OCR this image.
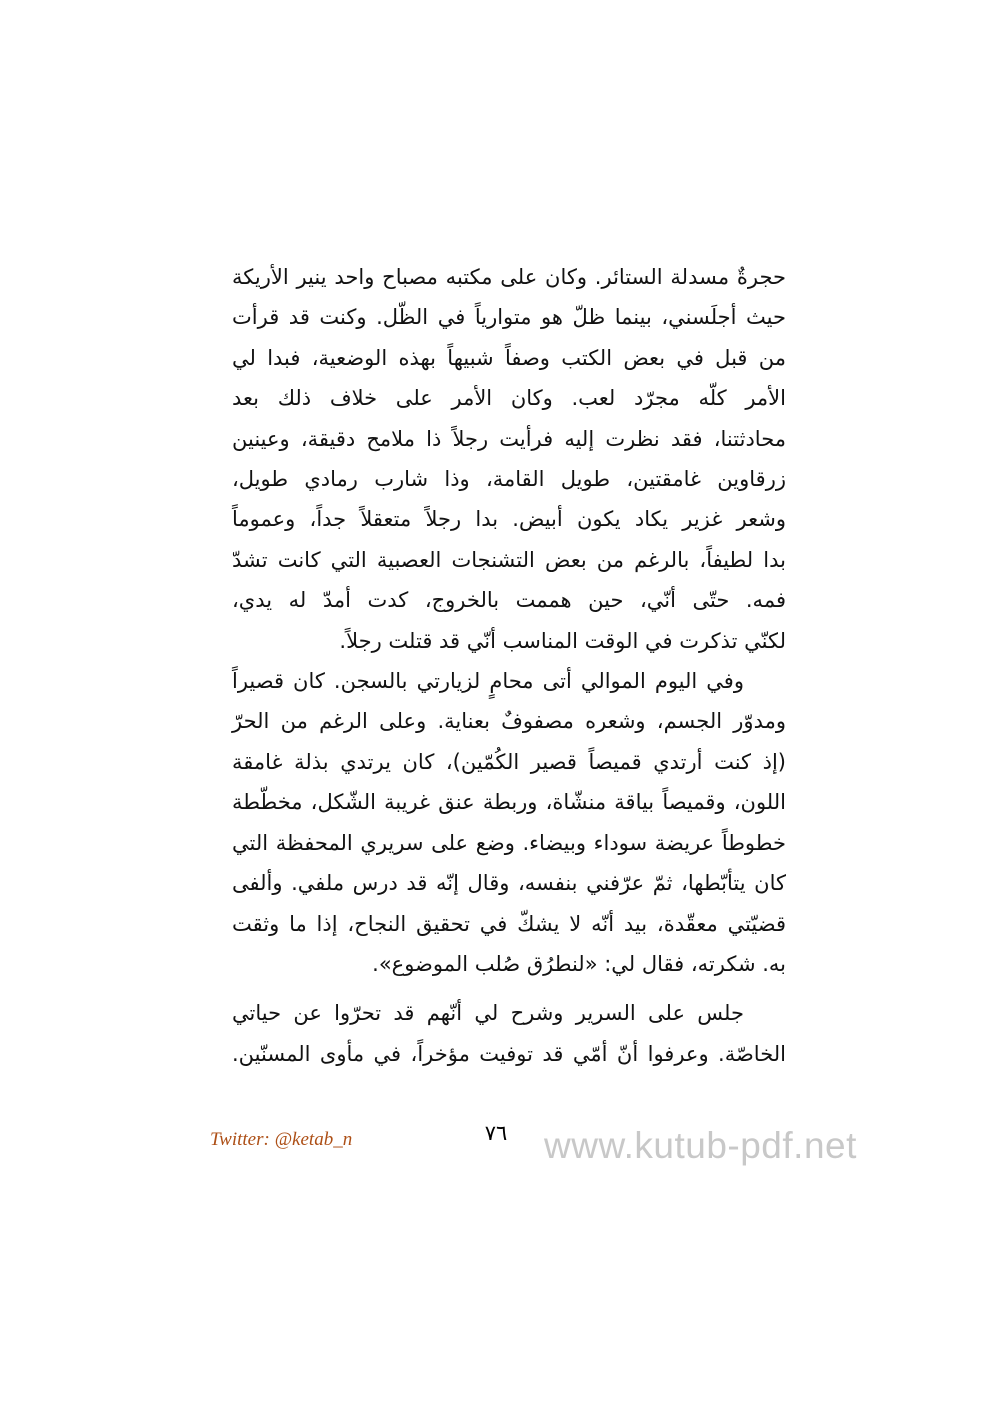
حجرةٌ مسدلة الستائر. وكان على مكتبه مصباح واحد ينير الأريكة
حيث أجلَسني، بينما ظلّ هو متوارياً في الظّل. وكنت قد قرأت
من قبل في بعض الكتب وصفاً شبيهاً بهذه الوضعية، فبدا لي
الأمر كلّه مجرّد لعب. وكان الأمر على خلاف ذلك بعد
محادثتنا، فقد نظرت إليه فرأيت رجلاً ذا ملامح دقيقة، وعينين
زرقاوين غامقتين، طويل القامة، وذا شارب رمادي طويل،
وشعر غزير يكاد يكون أبيض. بدا رجلاً متعقلاً جداً، وعموماً
بدا لطيفاً، بالرغم من بعض التشنجات العصبية التي كانت تشدّ
فمه. حتّى أنّي، حين هممت بالخروج، كدت أمدّ له يدي،
لكنّي تذكرت في الوقت المناسب أنّي قد قتلت رجلاً.
وفي اليوم الموالي أتى محامٍ لزيارتي بالسجن. كان قصيراً
ومدوّر الجسم، وشعره مصفوفٌ بعناية. وعلى الرغم من الحرّ
(إذ كنت أرتدي قميصاً قصير الكُمّين)، كان يرتدي بذلة غامقة
اللون، وقميصاً بياقة منشّاة، وربطة عنق غريبة الشّكل، مخطّطة
خطوطاً عريضة سوداء وبيضاء. وضع على سريري المحفظة التي
كان يتأبّطها، ثمّ عرّفني بنفسه، وقال إنّه قد درس ملفي. وألفى
قضيّتي معقّدة، بيد أنّه لا يشكّ في تحقيق النجاح، إذا ما وثقت
به. شكرته، فقال لي: «لنطرُق صُلب الموضوع».
جلس على السرير وشرح لي أنّهم قد تحرّوا عن حياتي
الخاصّة. وعرفوا أنّ أمّي قد توفيت مؤخراً، في مأوى المسنّين.
Twitter: @ketab_n	٧٦ www.kutub-pdf.net
